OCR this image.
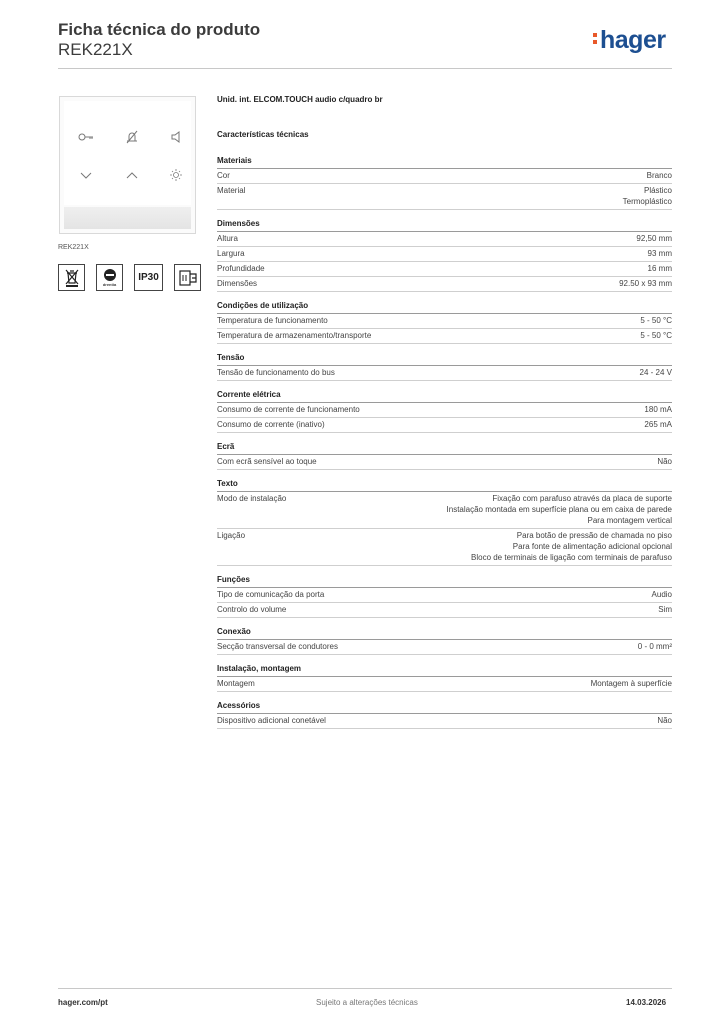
Ficha técnica do produto
REK221X	hager
REK221X
drentia
IP30
Unid. int. ELCOM.TOUCH audio c/quadro br
Características técnicas
Materiais
Cor	Branco
Material	Plástico
Termoplástico
Dimensões
Altura	92,50 mm
Largura	93 mm
Profundidade	16 mm
Dimensões	92.50 x 93 mm
Condições de utilização
Temperatura de funcionamento	5 - 50 °C
Temperatura de armazenamento/transporte	5 - 50 °C
Tensão
Tensão de funcionamento do bus	24 - 24 V
Corrente elétrica
Consumo de corrente de funcionamento	180 mA
Consumo de corrente (inativo)	265 mA
Ecrã
Com ecrã sensível ao toque	Não
Texto
Modo de instalação	Fixação com parafuso através da placa de suporte
Instalação montada em superfície plana ou em caixa de parede
Para montagem vertical
Ligação	Para botão de pressão de chamada no piso
Para fonte de alimentação adicional opcional
Bloco de terminais de ligação com terminais de parafuso
Funções
Tipo de comunicação da porta	Audio
Controlo do volume	Sim
Conexão
Secção transversal de condutores	0 - 0 mm²
Instalação, montagem
Montagem	Montagem à superfície
Acessórios
Dispositivo adicional conetável	Não
hager.com/pt	Sujeito a alterações técnicas	14.03.2026
